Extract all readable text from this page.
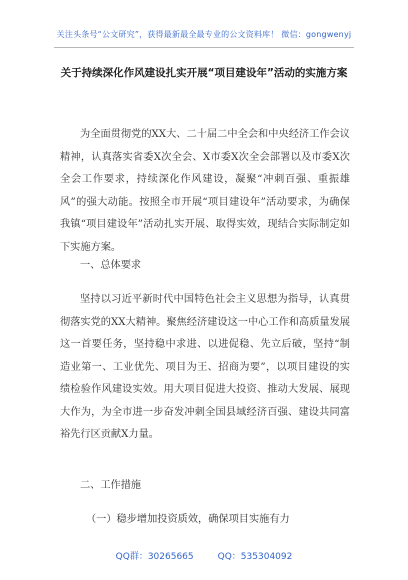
关注头条号“公文研究”，获得最新最全最专业的公文资料库！ 微信：gongwenyj
关于持续深化作风建设扎实开展“项目建设年”活动的实施方案
为全面贯彻党的XX大、二十届二中全会和中央经济工作会议精神，认真落实省委X次全会、X市委X次全会部署以及市委X次全会工作要求，持续深化作风建设，凝聚“冲刺百强、重振雄风”的强大动能。按照全市开展“项目建设年”活动要求，为确保我镇“项目建设年”活动扎实开展、取得实效，现结合实际制定如下实施方案。
一、总体要求
坚持以习近平新时代中国特色社会主义思想为指导，认真贯彻落实党的XX大精神。聚焦经济建设这一中心工作和高质量发展这一首要任务，坚持稳中求进、以进促稳、先立后破，坚持“制造业第一、工业优先、项目为王、招商为要”，以项目建设的实绩检验作风建设实效。用大项目促进大投资、推动大发展、展现大作为，为全市进一步奋发冲刺全国县域经济百强、建设共同富裕先行区贡献X力量。
二、工作措施
（一）稳步增加投资质效，确保项目实施有力
QQ群：30265665	QQ：535304092
